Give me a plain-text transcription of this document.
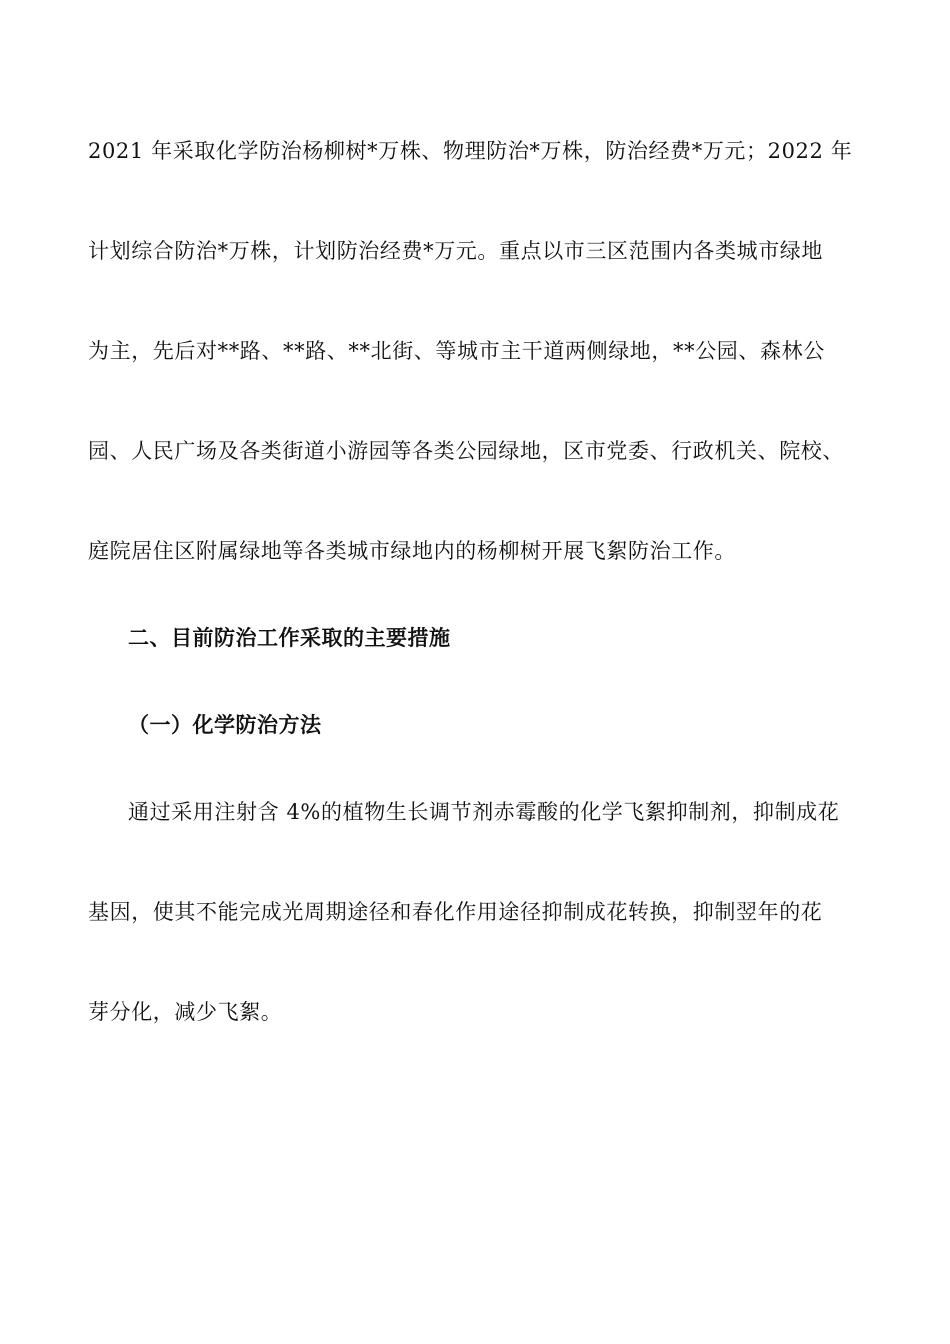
2021 年采取化学防治杨柳树*万株、物理防治*万株，防治经费*万元；2022 年
计划综合防治*万株，计划防治经费*万元。重点以市三区范围内各类城市绿地
为主，先后对**路、**路、**北街、等城市主干道两侧绿地，**公园、森林公
园、人民广场及各类街道小游园等各类公园绿地，区市党委、行政机关、院校、
庭院居住区附属绿地等各类城市绿地内的杨柳树开展飞絮防治工作。
二、目前防治工作采取的主要措施
（一）化学防治方法
通过采用注射含 4%的植物生长调节剂赤霉酸的化学飞絮抑制剂，抑制成花
基因，使其不能完成光周期途径和春化作用途径抑制成花转换，抑制翌年的花
芽分化，减少飞絮。
